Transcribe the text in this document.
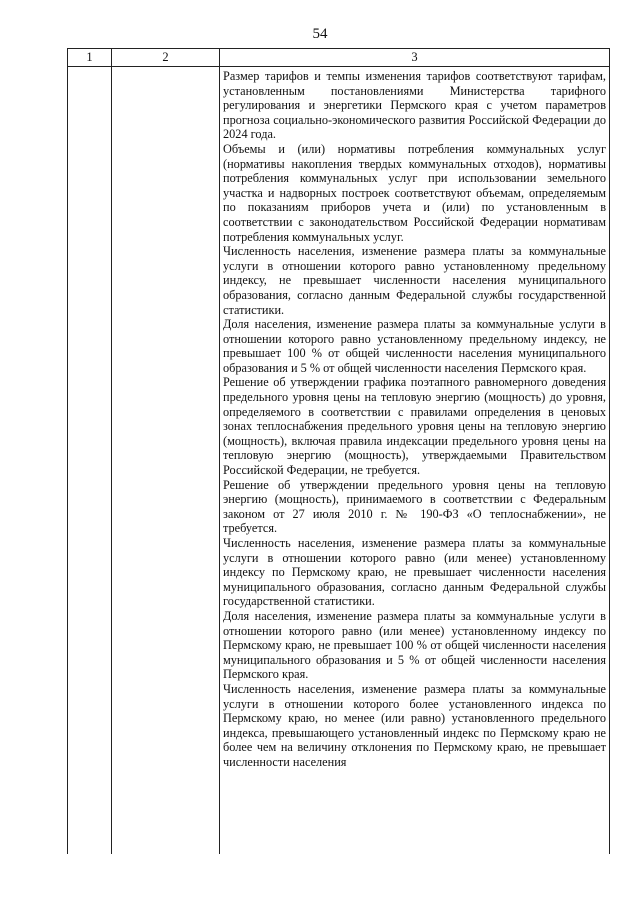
54
1	2	3

Размер тарифов и темпы изменения тарифов соответствуют тарифам, установленным постановлениями Министерства тарифного регулирования и энергетики Пермского края с учетом параметров прогноза социально-экономического развития Российской Федерации до 2024 года.

Объемы и (или) нормативы потребления коммунальных услуг (нормативы накопления твердых коммунальных отходов), нормативы потребления коммунальных услуг при использовании земельного участка и надворных построек соответствуют объемам, определяемым по показаниям приборов учета и (или) по установленным в соответствии с законодательством Российской Федерации нормативам потребления коммунальных услуг.

Численность населения, изменение размера платы за коммунальные услуги в отношении которого равно установленному предельному индексу, не превышает численности населения муниципального образования, согласно данным Федеральной службы государственной статистики.

Доля населения, изменение размера платы за коммунальные услуги в отношении которого равно установленному предельному индексу, не превышает 100 % от общей численности населения муниципального образования и 5 % от общей численности населения Пермского края.

Решение об утверждении графика поэтапного равномерного доведения предельного уровня цены на тепловую энергию (мощность) до уровня, определяемого в соответствии с правилами определения в ценовых зонах теплоснабжения предельного уровня цены на тепловую энергию (мощность), включая правила индексации предельного уровня цены на тепловую энергию (мощность), утверждаемыми Правительством Российской Федерации, не требуется.

Решение об утверждении предельного уровня цены на тепловую энергию (мощность), принимаемого в соответствии с Федеральным законом от 27 июля 2010 г. № 190-ФЗ «О теплоснабжении», не требуется.

Численность населения, изменение размера платы за коммунальные услуги в отношении которого равно (или менее) установленному индексу по Пермскому краю, не превышает численности населения муниципального образования, согласно данным Федеральной службы государственной статистики.

Доля населения, изменение размера платы за коммунальные услуги в отношении которого равно (или менее) установленному индексу по Пермскому краю, не превышает 100 % от общей численности населения муниципального образования и 5 % от общей численности населения Пермского края.

Численность населения, изменение размера платы за коммунальные услуги в отношении которого более установленного индекса по Пермскому краю, но менее (или равно) установленного предельного индекса, превышающего установленный индекс по Пермскому краю не более чем на величину отклонения по Пермскому краю, не превышает численности населения
